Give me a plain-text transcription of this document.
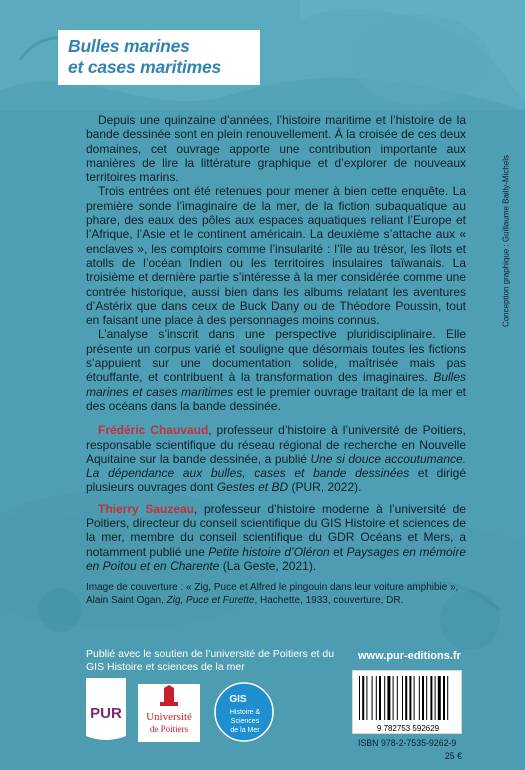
Bulles marines
et cases maritimes
Conception graphique : Guillaume Bailly-Michels

Depuis une quinzaine d’années, l’histoire maritime et l’histoire de la bande dessinée sont en plein renouvellement. À la croisée de ces deux domaines, cet ouvrage apporte une contribution importante aux manières de lire la littérature graphique et d’explorer de nouveaux territoires marins.

Trois entrées ont été retenues pour mener à bien cette enquête. La première sonde l’imaginaire de la mer, de la fiction subaquatique au phare, des eaux des pôles aux espaces aquatiques reliant l’Europe et l’Afrique, l’Asie et le continent américain. La deuxième s’attache aux « enclaves », les comptoirs comme l’insularité : l’île au trésor, les îlots et atolls de l’océan Indien ou les territoires insulaires taïwanais. La troisième et dernière partie s’intéresse à la mer considérée comme une contrée historique, aussi bien dans les albums relatant les aventures d’Astérix que dans ceux de Buck Dany ou de Théodore Poussin, tout en faisant une place à des personnages moins connus.

L’analyse s’inscrit dans une perspective pluridisciplinaire. Elle présente un corpus varié et souligne que désormais toutes les fictions s’appuient sur une documentation solide, maîtrisée mais pas étouffante, et contribuent à la transformation des imaginaires. Bulles marines et cases maritimes est le premier ouvrage traitant de la mer et des océans dans la bande dessinée.

Frédéric Chauvaud, professeur d’histoire à l’université de Poitiers, responsable scientifique du réseau régional de recherche en Nouvelle Aquitaine sur la bande dessinée, a publié Une si douce accoutumance. La dépendance aux bulles, cases et bande dessinées et dirigé plusieurs ouvrages dont Gestes et BD (PUR, 2022).

Thierry Sauzeau, professeur d’histoire moderne à l’université de Poitiers, directeur du conseil scientifique du GIS Histoire et sciences de la mer, membre du conseil scientifique du GDR Océans et Mers, a notamment publié une Petite histoire d’Oléron et Paysages en mémoire en Poitou et en Charente (La Geste, 2021).

Image de couverture : « Zig, Puce et Alfred le pingouin dans leur voiture amphibie », Alain Saint Ogan, Zig, Puce et Furette, Hachette, 1933, couverture, DR.
Publié avec le soutien de l’université de Poitiers et du GIS Histoire et sciences de la mer
www.pur-editions.fr
PUR Université
de Poitiers
GIS
Histoire &
Sciences
de la Mer	9 782753 592629
ISBN 978-2-7535-9262-9
25 €
